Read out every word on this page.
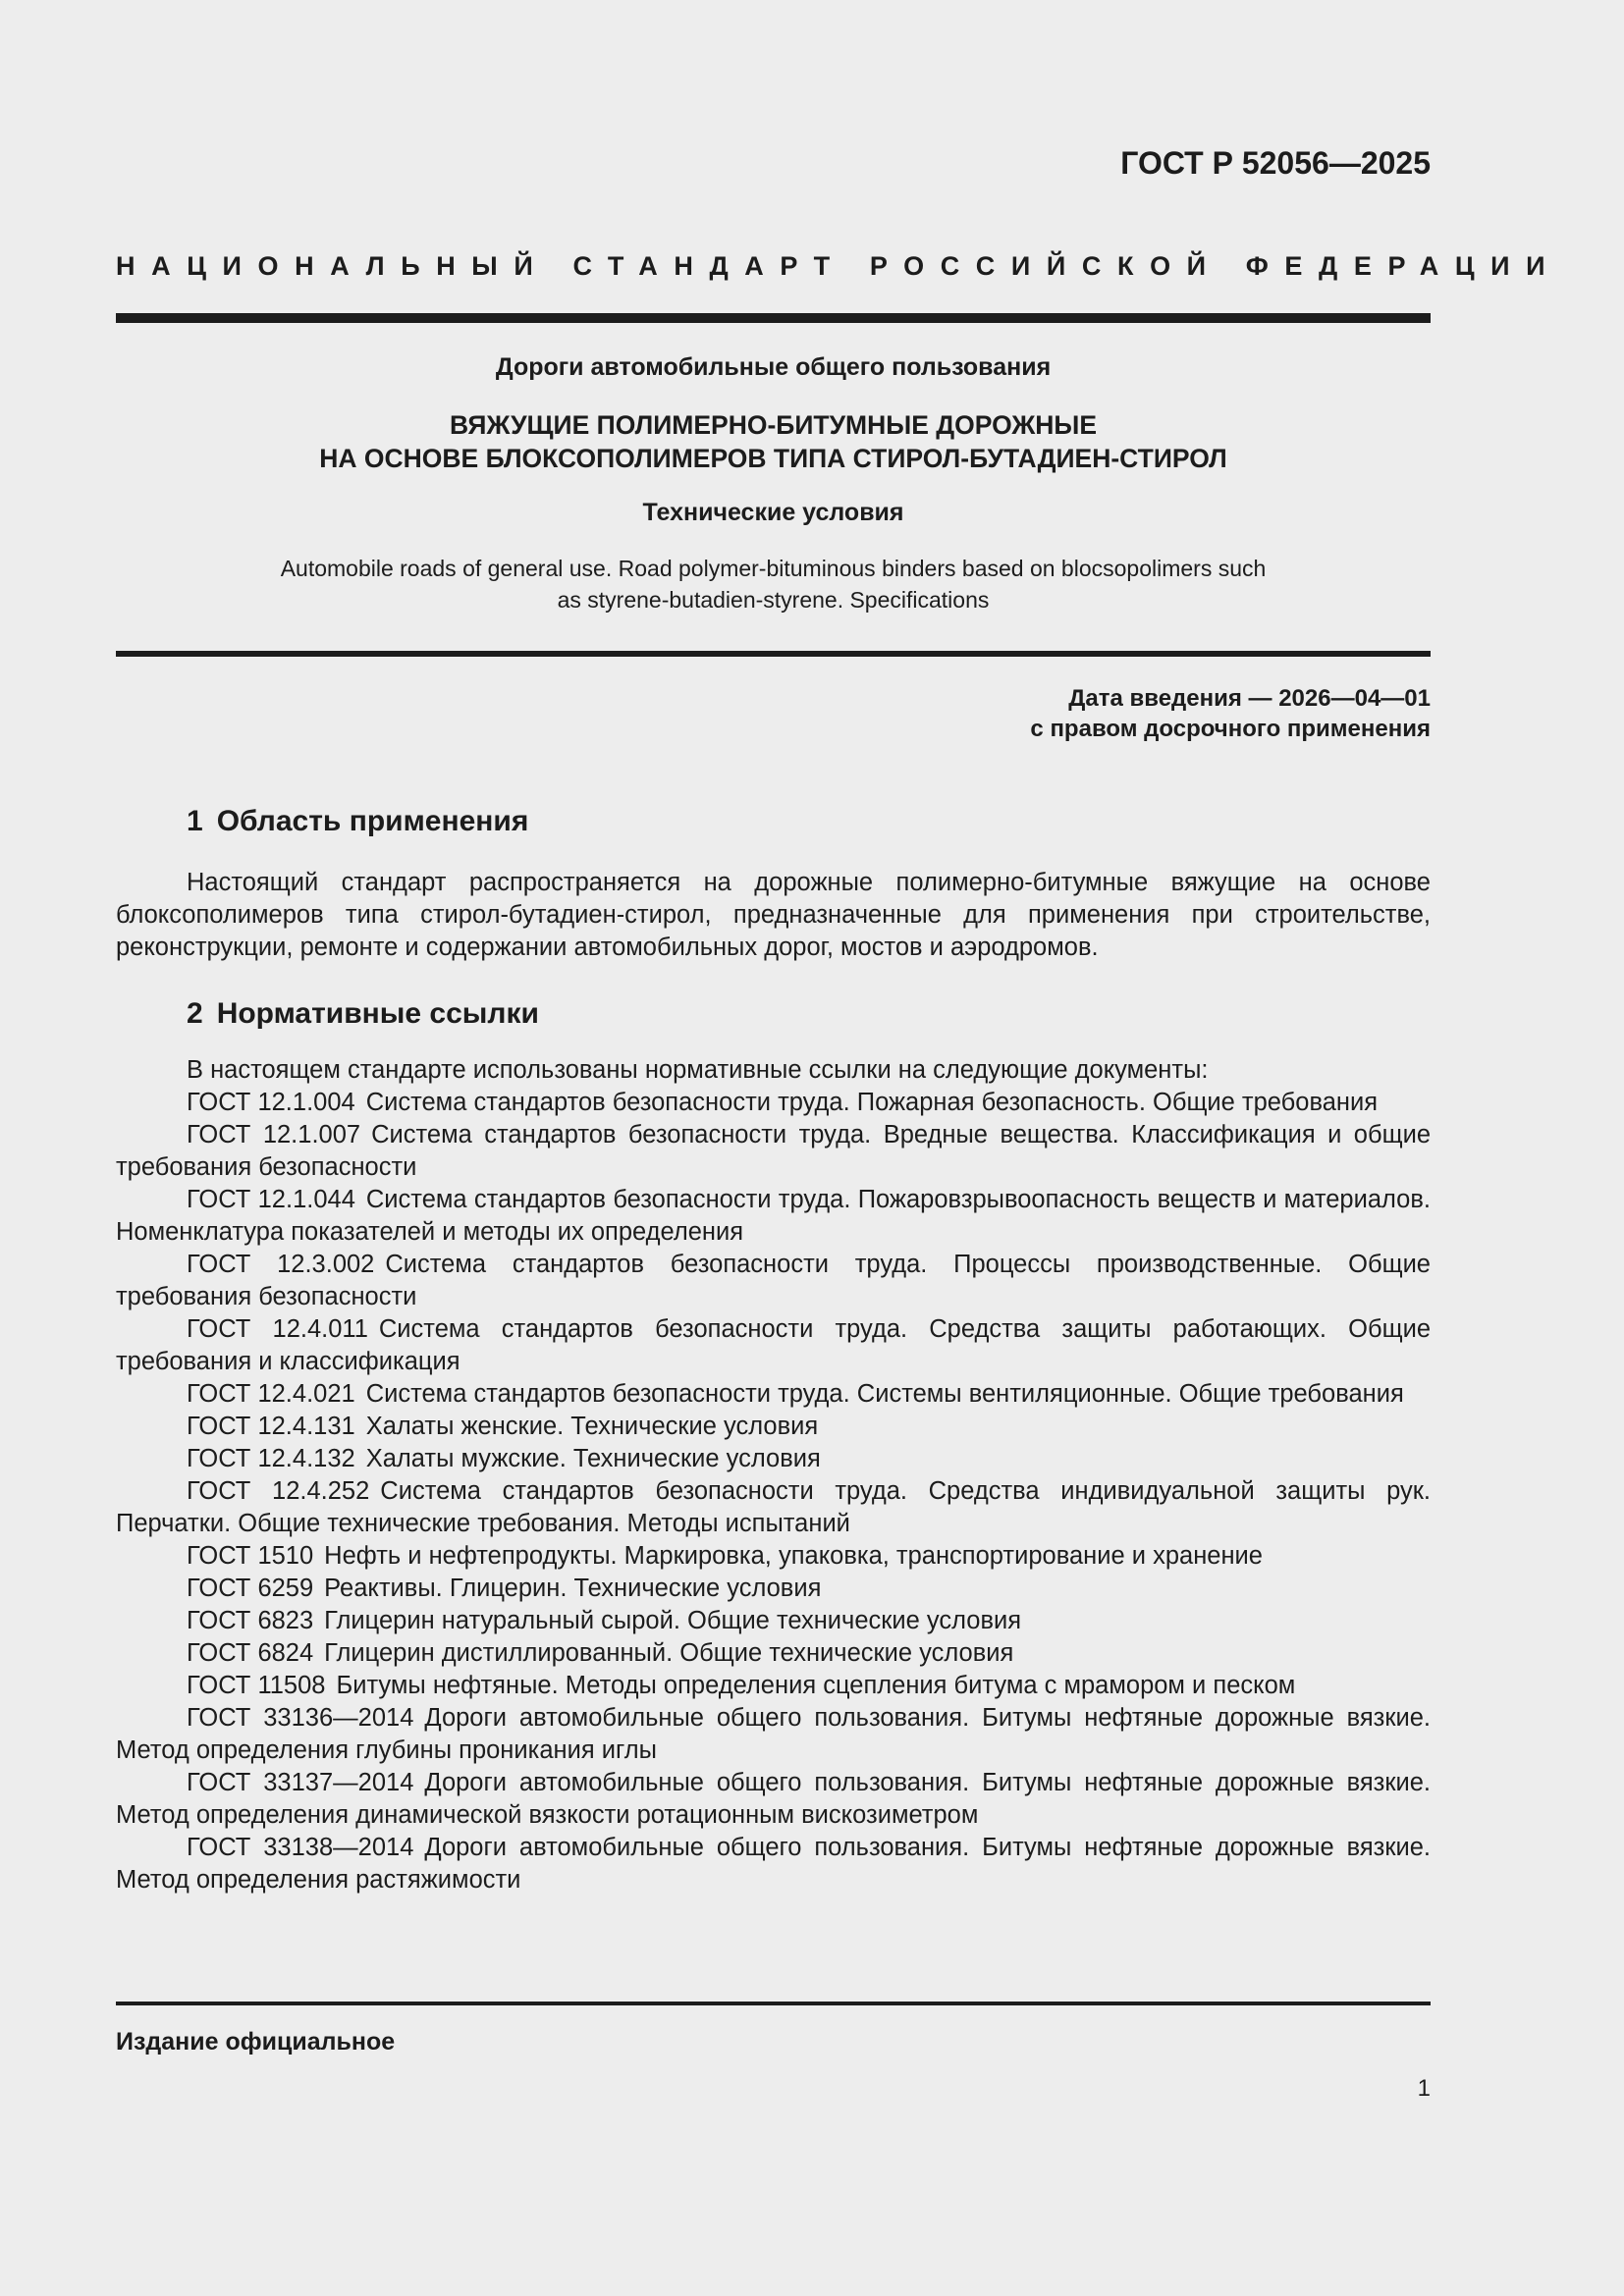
ГОСТ Р 52056—2025
НАЦИОНАЛЬНЫЙ СТАНДАРТ РОССИЙСКОЙ ФЕДЕРАЦИИ
Дороги автомобильные общего пользования
ВЯЖУЩИЕ ПОЛИМЕРНО-БИТУМНЫЕ ДОРОЖНЫЕ
НА ОСНОВЕ БЛОКСОПОЛИМЕРОВ ТИПА СТИРОЛ-БУТАДИЕН-СТИРОЛ
Технические условия
Automobile roads of general use. Road polymer-bituminous binders based on blocsopolimers such
as styrene-butadien-styrene. Specifications
Дата введения — 2026—04—01
с правом досрочного применения
1 Область применения

Настоящий стандарт распространяется на дорожные полимерно-битумные вяжущие на основе блоксополимеров типа стирол-бутадиен-стирол, предназначенные для применения при строительстве, реконструкции, ремонте и содержании автомобильных дорог, мостов и аэродромов.

2 Нормативные ссылки

В настоящем стандарте использованы нормативные ссылки на следующие документы:

ГОСТ 12.1.004 Система стандартов безопасности труда. Пожарная безопасность. Общие требования

ГОСТ 12.1.007 Система стандартов безопасности труда. Вредные вещества. Классификация и общие требования безопасности

ГОСТ 12.1.044 Система стандартов безопасности труда. Пожаровзрывоопасность веществ и материалов. Номенклатура показателей и методы их определения

ГОСТ 12.3.002 Система стандартов безопасности труда. Процессы производственные. Общие требования безопасности

ГОСТ 12.4.011 Система стандартов безопасности труда. Средства защиты работающих. Общие требования и классификация

ГОСТ 12.4.021 Система стандартов безопасности труда. Системы вентиляционные. Общие требования

ГОСТ 12.4.131 Халаты женские. Технические условия

ГОСТ 12.4.132 Халаты мужские. Технические условия

ГОСТ 12.4.252 Система стандартов безопасности труда. Средства индивидуальной защиты рук. Перчатки. Общие технические требования. Методы испытаний

ГОСТ 1510 Нефть и нефтепродукты. Маркировка, упаковка, транспортирование и хранение

ГОСТ 6259 Реактивы. Глицерин. Технические условия

ГОСТ 6823 Глицерин натуральный сырой. Общие технические условия

ГОСТ 6824 Глицерин дистиллированный. Общие технические условия

ГОСТ 11508 Битумы нефтяные. Методы определения сцепления битума с мрамором и песком

ГОСТ 33136—2014 Дороги автомобильные общего пользования. Битумы нефтяные дорожные вязкие. Метод определения глубины проникания иглы

ГОСТ 33137—2014 Дороги автомобильные общего пользования. Битумы нефтяные дорожные вязкие. Метод определения динамической вязкости ротационным вискозиметром

ГОСТ 33138—2014 Дороги автомобильные общего пользования. Битумы нефтяные дорожные вязкие. Метод определения растяжимости

Издание официальное
1
